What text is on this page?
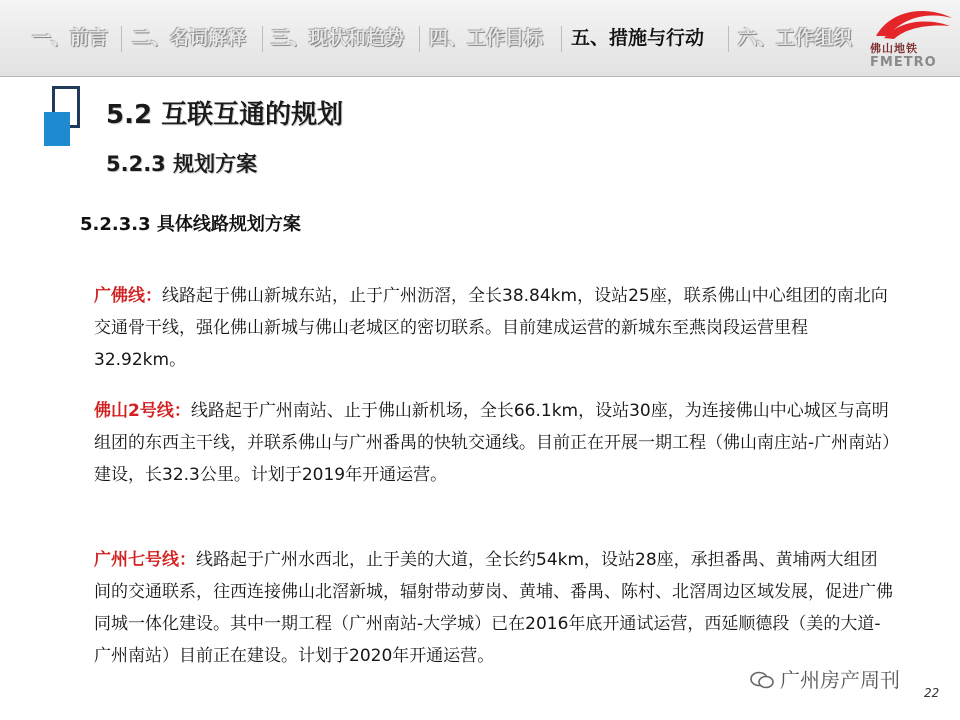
一、前言 二、名词解释 三、现状和趋势 四、工作目标 五、措施与行动 六、工作组织 佛山地铁
FMETRO
5.2 互联互通的规划
5.2.3 规划方案
5.2.3.3 具体线路规划方案
广佛线：线路起于佛山新城东站，止于广州沥滘，全长38.84km，设站25座，联系佛山中心组团的南北向交通骨干线，强化佛山新城与佛山老城区的密切联系。目前建成运营的新城东至燕岗段运营里程32.92km。
佛山2号线：线路起于广州南站、止于佛山新机场，全长66.1km，设站30座，为连接佛山中心城区与高明组团的东西主干线，并联系佛山与广州番禺的快轨交通线。目前正在开展一期工程（佛山南庄站-广州南站）建设，长32.3公里。计划于2019年开通运营。
广州七号线：线路起于广州水西北，止于美的大道，全长约54km，设站28座，承担番禺、黄埔两大组团间的交通联系，往西连接佛山北滘新城，辐射带动萝岗、黄埔、番禺、陈村、北滘周边区域发展，促进广佛同城一体化建设。其中一期工程（广州南站-大学城）已在2016年底开通试运营，西延顺德段（美的大道-广州南站）目前正在建设。计划于2020年开通运营。
广州房产周刊
22
